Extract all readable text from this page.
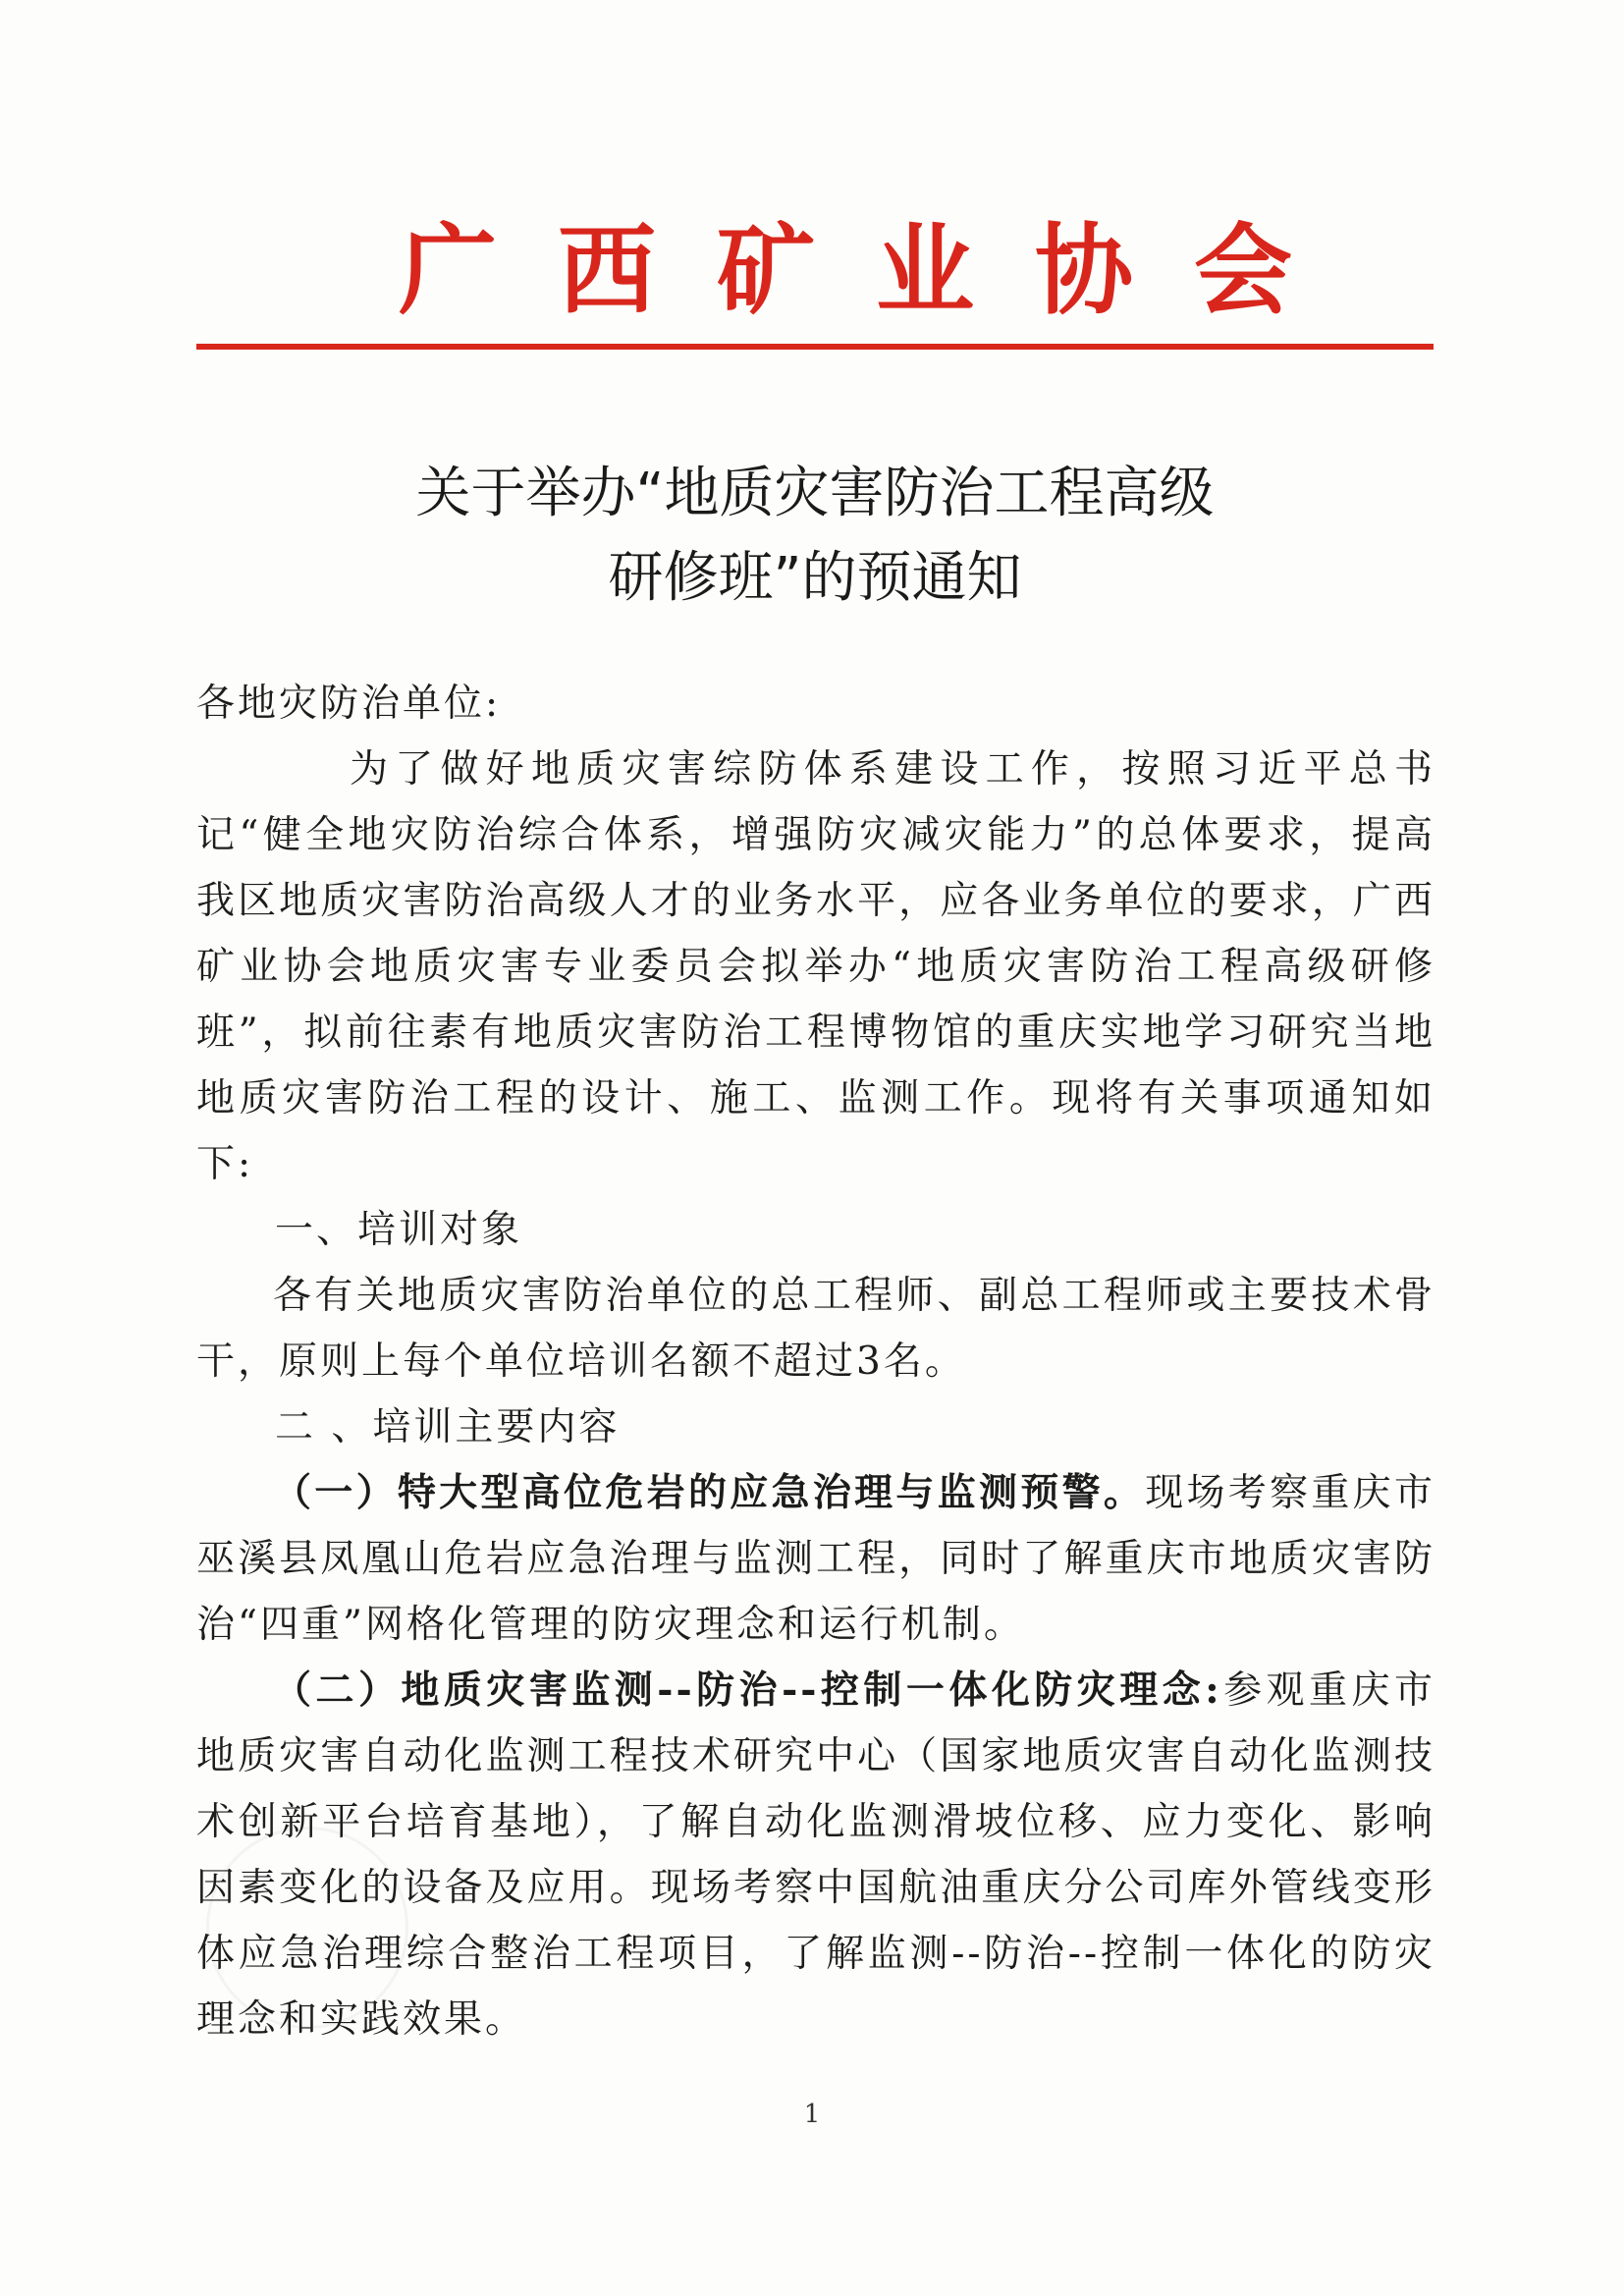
广西矿业协会
关于举办“地质灾害防治工程高级
研修班”的预通知

各地灾防治单位:

为了做好地质灾害综防体系建设工作，按照习近平总书记“健全地灾防治综合体系，增强防灾减灾能力”的总体要求，提高我区地质灾害防治高级人才的业务水平，应各业务单位的要求，广西矿业协会地质灾害专业委员会拟举办“地质灾害防治工程高级研修班”，拟前往素有地质灾害防治工程博物馆的重庆实地学习研究当地地质灾害防治工程的设计、施工、监测工作。现将有关事项通知如下:

一、培训对象

各有关地质灾害防治单位的总工程师、副总工程师或主要技术骨干，原则上每个单位培训名额不超过3名。

二 、培训主要内容

（一）特大型高位危岩的应急治理与监测预警。现场考察重庆市巫溪县凤凰山危岩应急治理与监测工程，同时了解重庆市地质灾害防治“四重”网格化管理的防灾理念和运行机制。

（二）地质灾害监测--防治--控制一体化防灾理念:参观重庆市地质灾害自动化监测工程技术研究中心（国家地质灾害自动化监测技术创新平台培育基地），了解自动化监测滑坡位移、应力变化、影响因素变化的设备及应用。现场考察中国航油重庆分公司库外管线变形体应急治理综合整治工程项目，了解监测--防治--控制一体化的防灾理念和实践效果。

1
